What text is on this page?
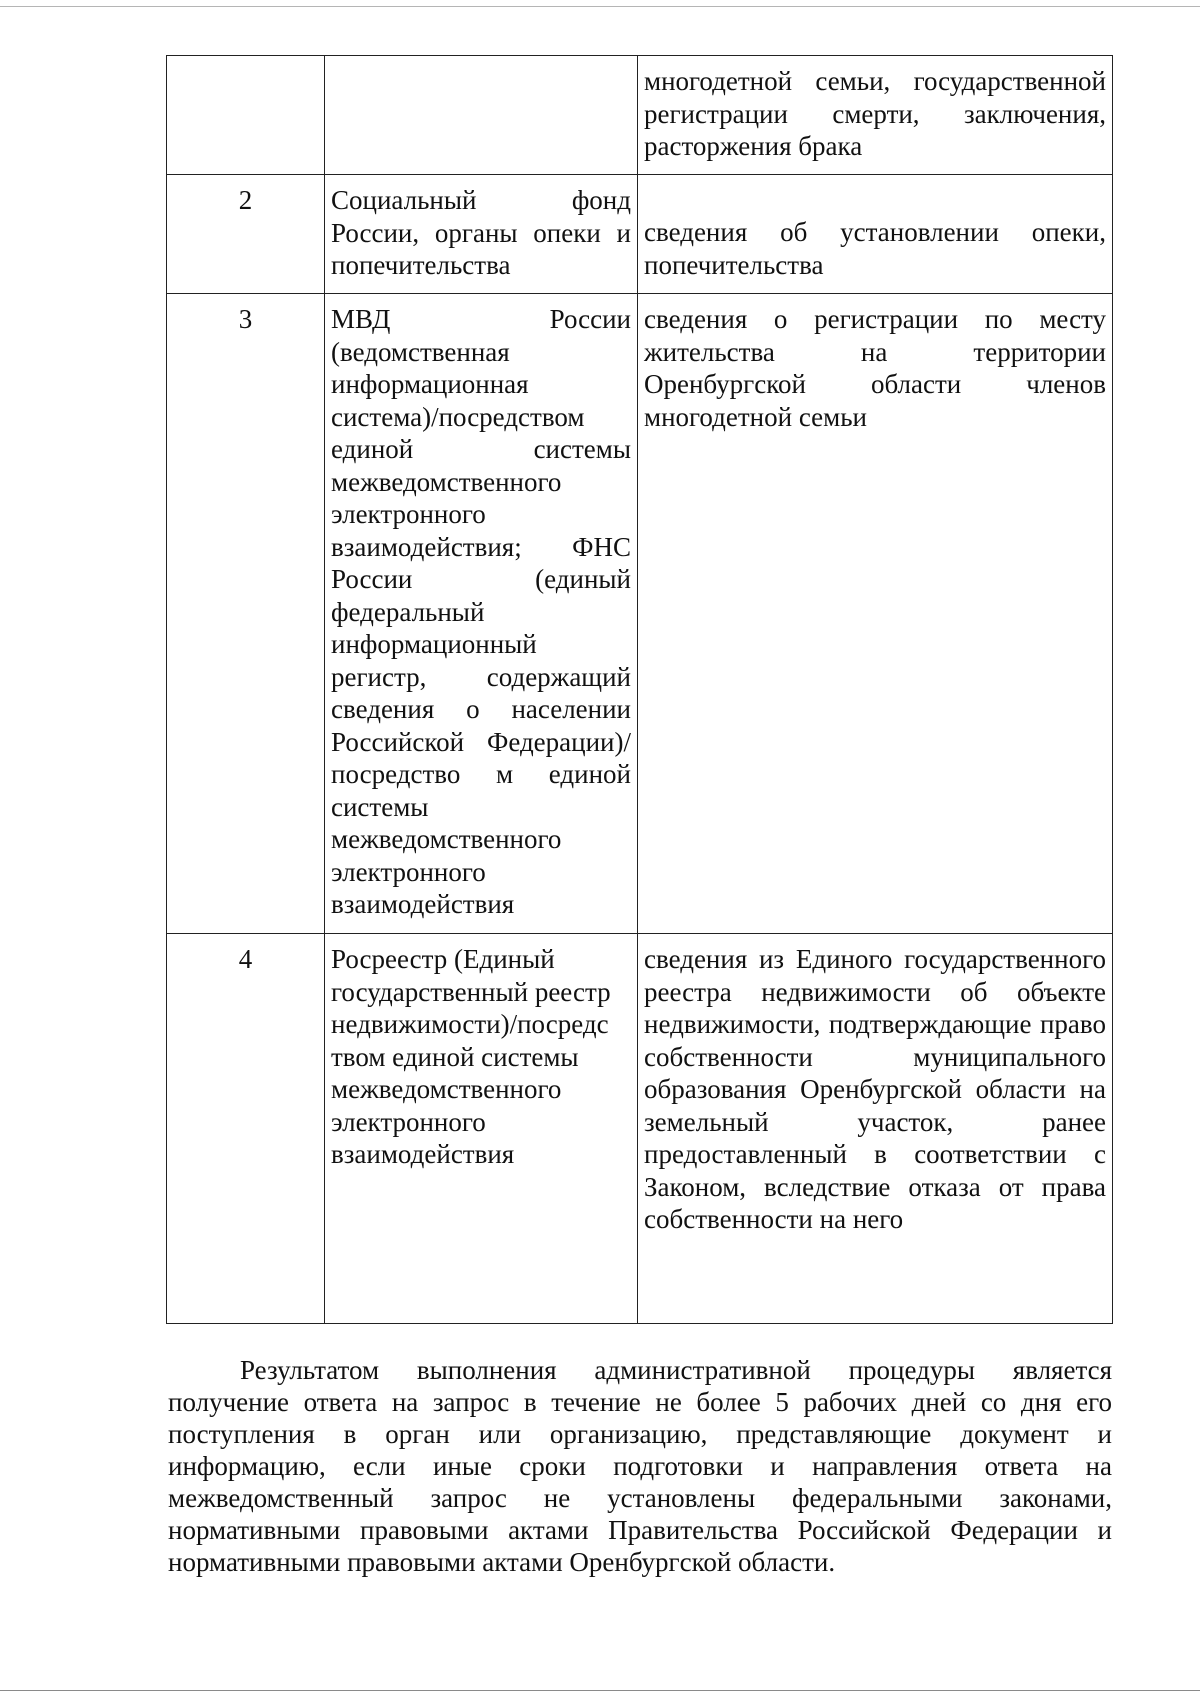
		многодетной семьи, государственной регистрации смерти, заключения, расторжения брака

2	Социальный фонд России, органы опеки и попечительства	сведения об установлении опеки, попечительства

3	МВД России (ведомственная информационная система)/посредством единой системы межведомственного электронного взаимодействия; ФНС России (единый федеральный информационный регистр, содержащий сведения о населении Российской Федерации)/посредство м единой системы межведомственного электронного взаимодействия	сведения о регистрации по месту жительства на территории Оренбургской области членов многодетной семьи

4	Росреестр (Единый государственный реестр недвижимости)/посредс твом единой системы межведомственного электронного взаимодействия	сведения из Единого государственного реестра недвижимости об объекте недвижимости, подтверждающие право собственности муниципального образования Оренбургской области на земельный участок, ранее предоставленный в соответствии с Законом, вследствие отказа от права собственности на него

Результатом выполнения административной процедуры является получение ответа на запрос в течение не более 5 рабочих дней со дня его поступления в орган или организацию, представляющие документ и информацию, если иные сроки подготовки и направления ответа на межведомственный запрос не установлены федеральными законами, нормативными правовыми актами Правительства Российской Федерации и нормативными правовыми актами Оренбургской области.
